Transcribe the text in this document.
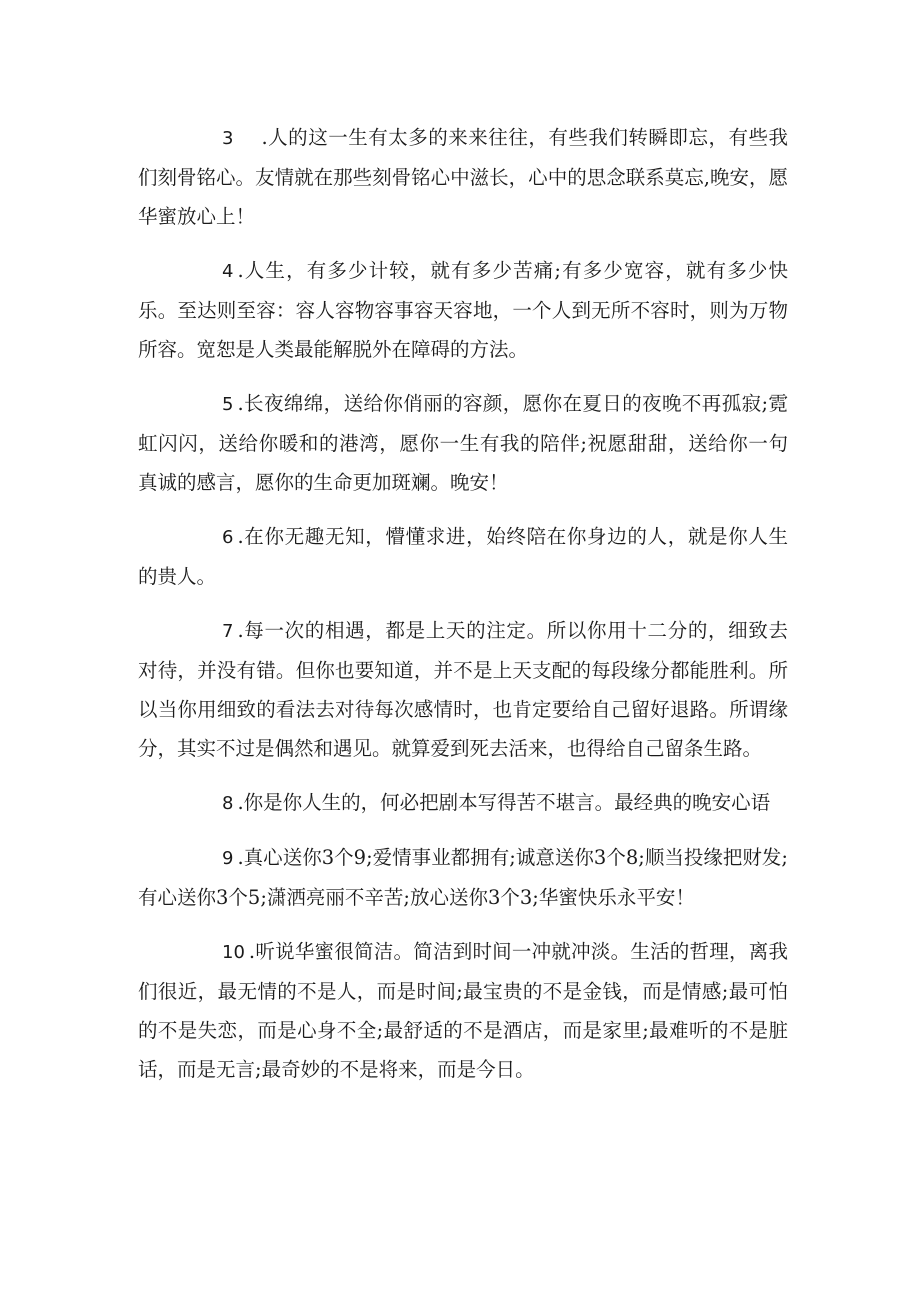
3 .人的这一生有太多的来来往往，有些我们转瞬即忘，有些我们刻骨铭心。友情就在那些刻骨铭心中滋长，心中的思念联系莫忘,晚安，愿华蜜放心上！

4 .人生，有多少计较，就有多少苦痛;有多少宽容，就有多少快乐。至达则至容：容人容物容事容天容地，一个人到无所不容时，则为万物所容。宽恕是人类最能解脱外在障碍的方法。

5 .长夜绵绵，送给你俏丽的容颜，愿你在夏日的夜晚不再孤寂;霓虹闪闪，送给你暖和的港湾，愿你一生有我的陪伴;祝愿甜甜，送给你一句真诚的感言，愿你的生命更加斑斓。晚安！

6 .在你无趣无知，懵懂求进，始终陪在你身边的人，就是你人生的贵人。

7 .每一次的相遇，都是上天的注定。所以你用十二分的，细致去对待，并没有错。但你也要知道，并不是上天支配的每段缘分都能胜利。所以当你用细致的看法去对待每次感情时，也肯定要给自己留好退路。所谓缘分，其实不过是偶然和遇见。就算爱到死去活来，也得给自己留条生路。

8 .你是你人生的，何必把剧本写得苦不堪言。最经典的晚安心语

9 .真心送你3个9;爱情事业都拥有;诚意送你3个8;顺当投缘把财发;有心送你3个5;潇洒亮丽不辛苦;放心送你3个3;华蜜快乐永平安！

10 .听说华蜜很简洁。简洁到时间一冲就冲淡。生活的哲理，离我们很近，最无情的不是人，而是时间;最宝贵的不是金钱，而是情感;最可怕的不是失恋，而是心身不全;最舒适的不是酒店，而是家里;最难听的不是脏话，而是无言;最奇妙的不是将来，而是今日。
